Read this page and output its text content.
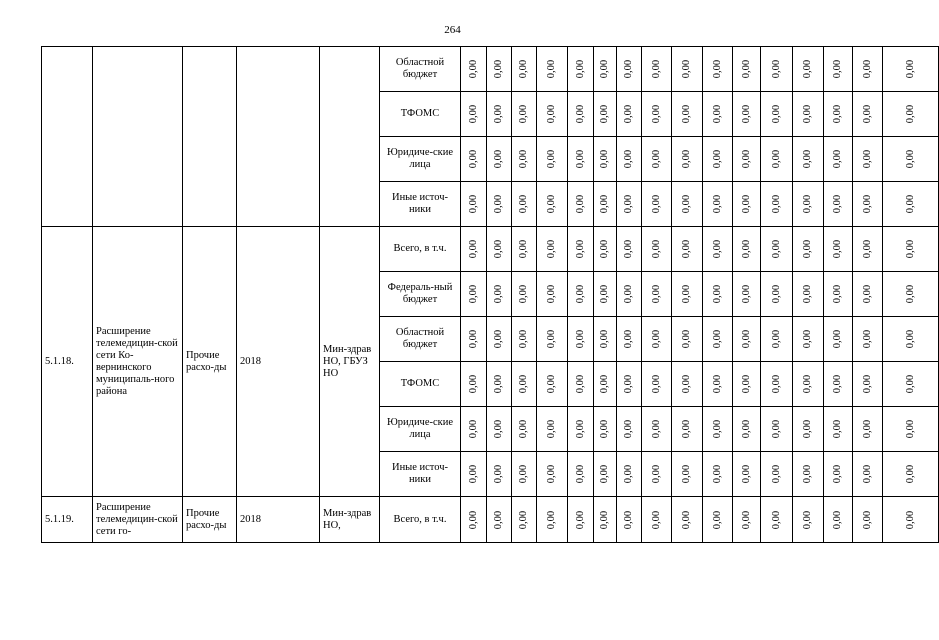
264
					Областной бюджет	0,00	0,00	0,00	0,00	0,00	0,00	0,00	0,00	0,00	0,00	0,00	0,00	0,00	0,00	0,00	0,00

					ТФОМС	0,00	0,00	0,00	0,00	0,00	0,00	0,00	0,00	0,00	0,00	0,00	0,00	0,00	0,00	0,00	0,00

					Юридиче-ские лица	0,00	0,00	0,00	0,00	0,00	0,00	0,00	0,00	0,00	0,00	0,00	0,00	0,00	0,00	0,00	0,00

					Иные источ-ники	0,00	0,00	0,00	0,00	0,00	0,00	0,00	0,00	0,00	0,00	0,00	0,00	0,00	0,00	0,00	0,00

5.1.18.	Расширение телемедицин-ской сети Ко-вернинского муниципаль-ного района	Прочие расхо-ды	2018	Мин-здрав НО, ГБУЗ НО	Всего, в т.ч.	0,00	0,00	0,00	0,00	0,00	0,00	0,00	0,00	0,00	0,00	0,00	0,00	0,00	0,00	0,00	0,00

					Федераль-ный бюджет	0,00	0,00	0,00	0,00	0,00	0,00	0,00	0,00	0,00	0,00	0,00	0,00	0,00	0,00	0,00	0,00

					Областной бюджет	0,00	0,00	0,00	0,00	0,00	0,00	0,00	0,00	0,00	0,00	0,00	0,00	0,00	0,00	0,00	0,00

					ТФОМС	0,00	0,00	0,00	0,00	0,00	0,00	0,00	0,00	0,00	0,00	0,00	0,00	0,00	0,00	0,00	0,00

					Юридиче-ские лица	0,00	0,00	0,00	0,00	0,00	0,00	0,00	0,00	0,00	0,00	0,00	0,00	0,00	0,00	0,00	0,00

					Иные источ-ники	0,00	0,00	0,00	0,00	0,00	0,00	0,00	0,00	0,00	0,00	0,00	0,00	0,00	0,00	0,00	0,00

5.1.19.	Расширение телемедицин-ской сети го-	Прочие расхо-ды	2018	Мин-здрав НО,	Всего, в т.ч.	0,00	0,00	0,00	0,00	0,00	0,00	0,00	0,00	0,00	0,00	0,00	0,00	0,00	0,00	0,00	0,00
